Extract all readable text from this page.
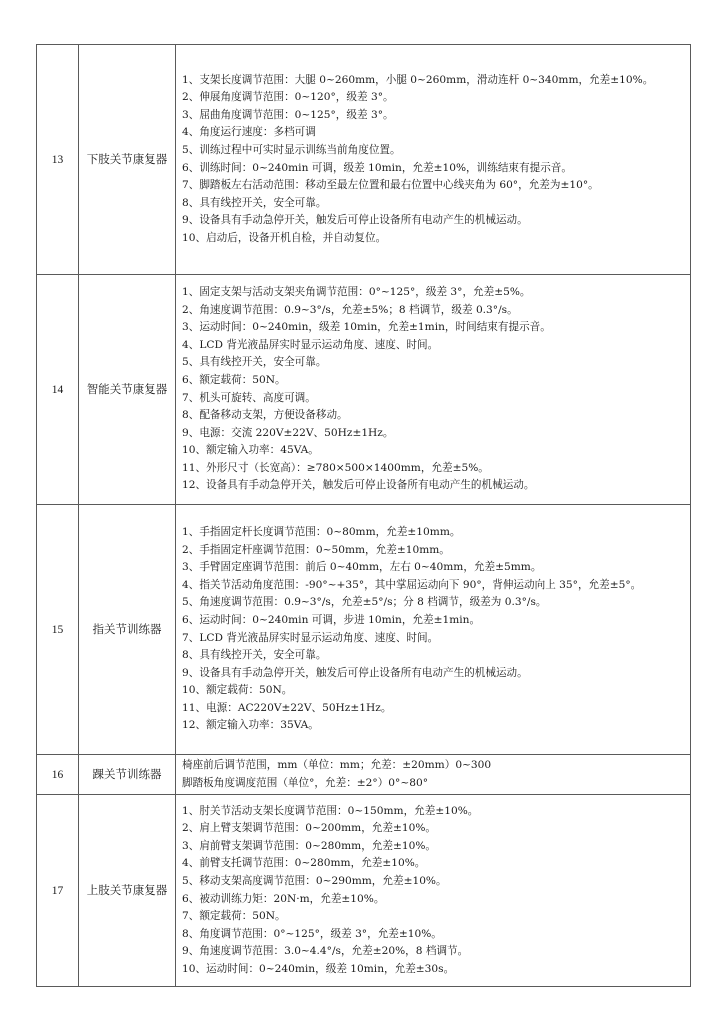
13	下肢关节康复器	
1、支架长度调节范围：大腿 0~260mm，小腿 0~260mm，滑动连杆 0~340mm，允差±10%。
2、伸展角度调节范围：0~120°，级差 3°。
3、屈曲角度调节范围：0~125°，级差 3°。
4、角度运行速度：多档可调
5、训练过程中可实时显示训练当前角度位置。
6、训练时间：0~240min 可调，级差 10min，允差±10%，训练结束有提示音。
7、脚踏板左右活动范围：移动至最左位置和最右位置中心线夹角为 60°，允差为±10°。
8、具有线控开关，安全可靠。
9、设备具有手动急停开关，触发后可停止设备所有电动产生的机械运动。
10、启动后，设备开机自检，并自动复位。

14	智能关节康复器	
1、固定支架与活动支架夹角调节范围：0°~125°，级差 3°，允差±5%。
2、角速度调节范围：0.9~3°/s，允差±5%；8 档调节，级差 0.3°/s。
3、运动时间：0~240min，级差 10min，允差±1min，时间结束有提示音。
4、LCD 背光液晶屏实时显示运动角度、速度、时间。
5、具有线控开关，安全可靠。
6、额定载荷：50N。
7、机头可旋转、高度可调。
8、配备移动支架，方便设备移动。
9、电源：交流 220V±22V、50Hz±1Hz。
10、额定输入功率：45VA。
11、外形尺寸（长宽高）：≥780×500×1400mm，允差±5%。
12、设备具有手动急停开关，触发后可停止设备所有电动产生的机械运动。

15	指关节训练器	
1、手指固定杆长度调节范围：0~80mm，允差±10mm。
2、手指固定杆座调节范围：0~50mm，允差±10mm。
3、手臂固定座调节范围：前后 0~40mm，左右 0~40mm，允差±5mm。
4、指关节活动角度范围：-90°~+35°，其中掌屈运动向下 90°，背伸运动向上 35°，允差±5°。
5、角速度调节范围：0.9~3°/s，允差±5°/s；分 8 档调节，级差为 0.3°/s。
6、运动时间：0~240min 可调，步进 10min，允差±1min。
7、LCD 背光液晶屏实时显示运动角度、速度、时间。
8、具有线控开关，安全可靠。
9、设备具有手动急停开关，触发后可停止设备所有电动产生的机械运动。
10、额定载荷：50N。
11、电源：AC220V±22V、50Hz±1Hz。
12、额定输入功率：35VA。

16	踝关节训练器	椅座前后调节范围，mm（单位：mm；允差：±20mm）0~300
脚踏板角度调度范围（单位°，允差：±2°）0°~80°

17	上肢关节康复器	
1、肘关节活动支架长度调节范围：0~150mm，允差±10%。
2、肩上臂支架调节范围：0~200mm，允差±10%。
3、肩前臂支架调节范围：0~280mm，允差±10%。
4、前臂支托调节范围：0~280mm，允差±10%。
5、移动支架高度调节范围：0~290mm，允差±10%。
6、被动训练力矩：20N·m，允差±10%。
7、额定载荷：50N。
8、角度调节范围：0°~125°，级差 3°，允差±10%。
9、角速度调节范围：3.0~4.4°/s，允差±20%，8 档调节。
10、运动时间：0~240min，级差 10min，允差±30s。
